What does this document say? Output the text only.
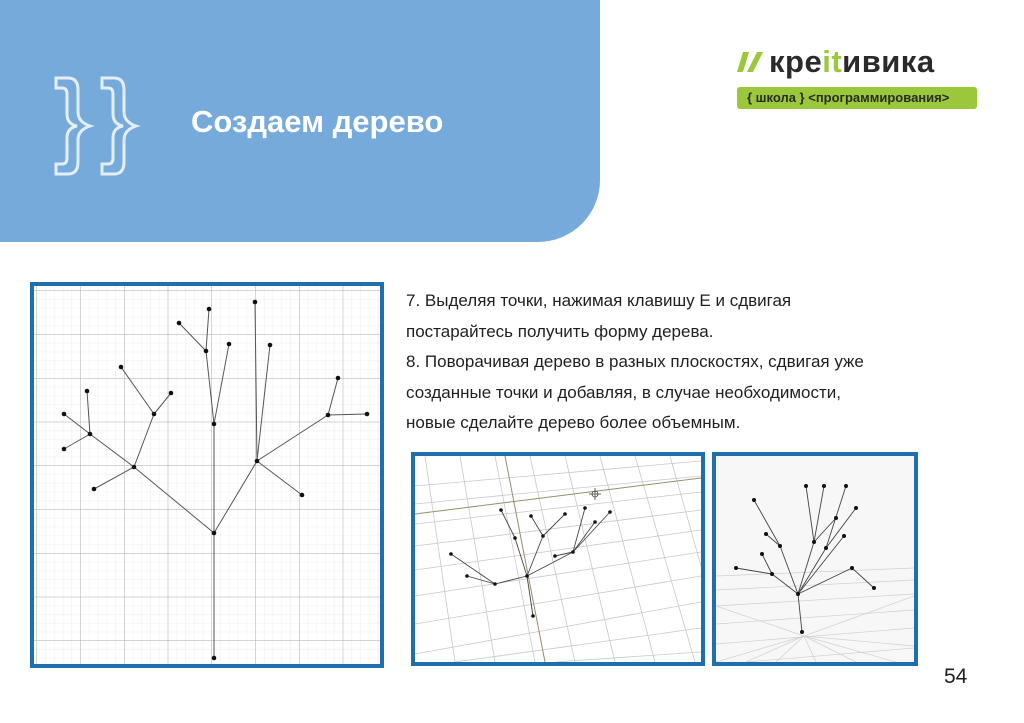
Создаем дерево
креitивика
{ школа } <программирования>

7. Выделяя точки, нажимая клавишу Е и сдвигая

постарайтесь получить форму дерева.

8. Поворачивая дерево в разных плоскостях, сдвигая уже

созданные точки и добавляя, в случае необходимости,

новые сделайте дерево более объемным.

54
